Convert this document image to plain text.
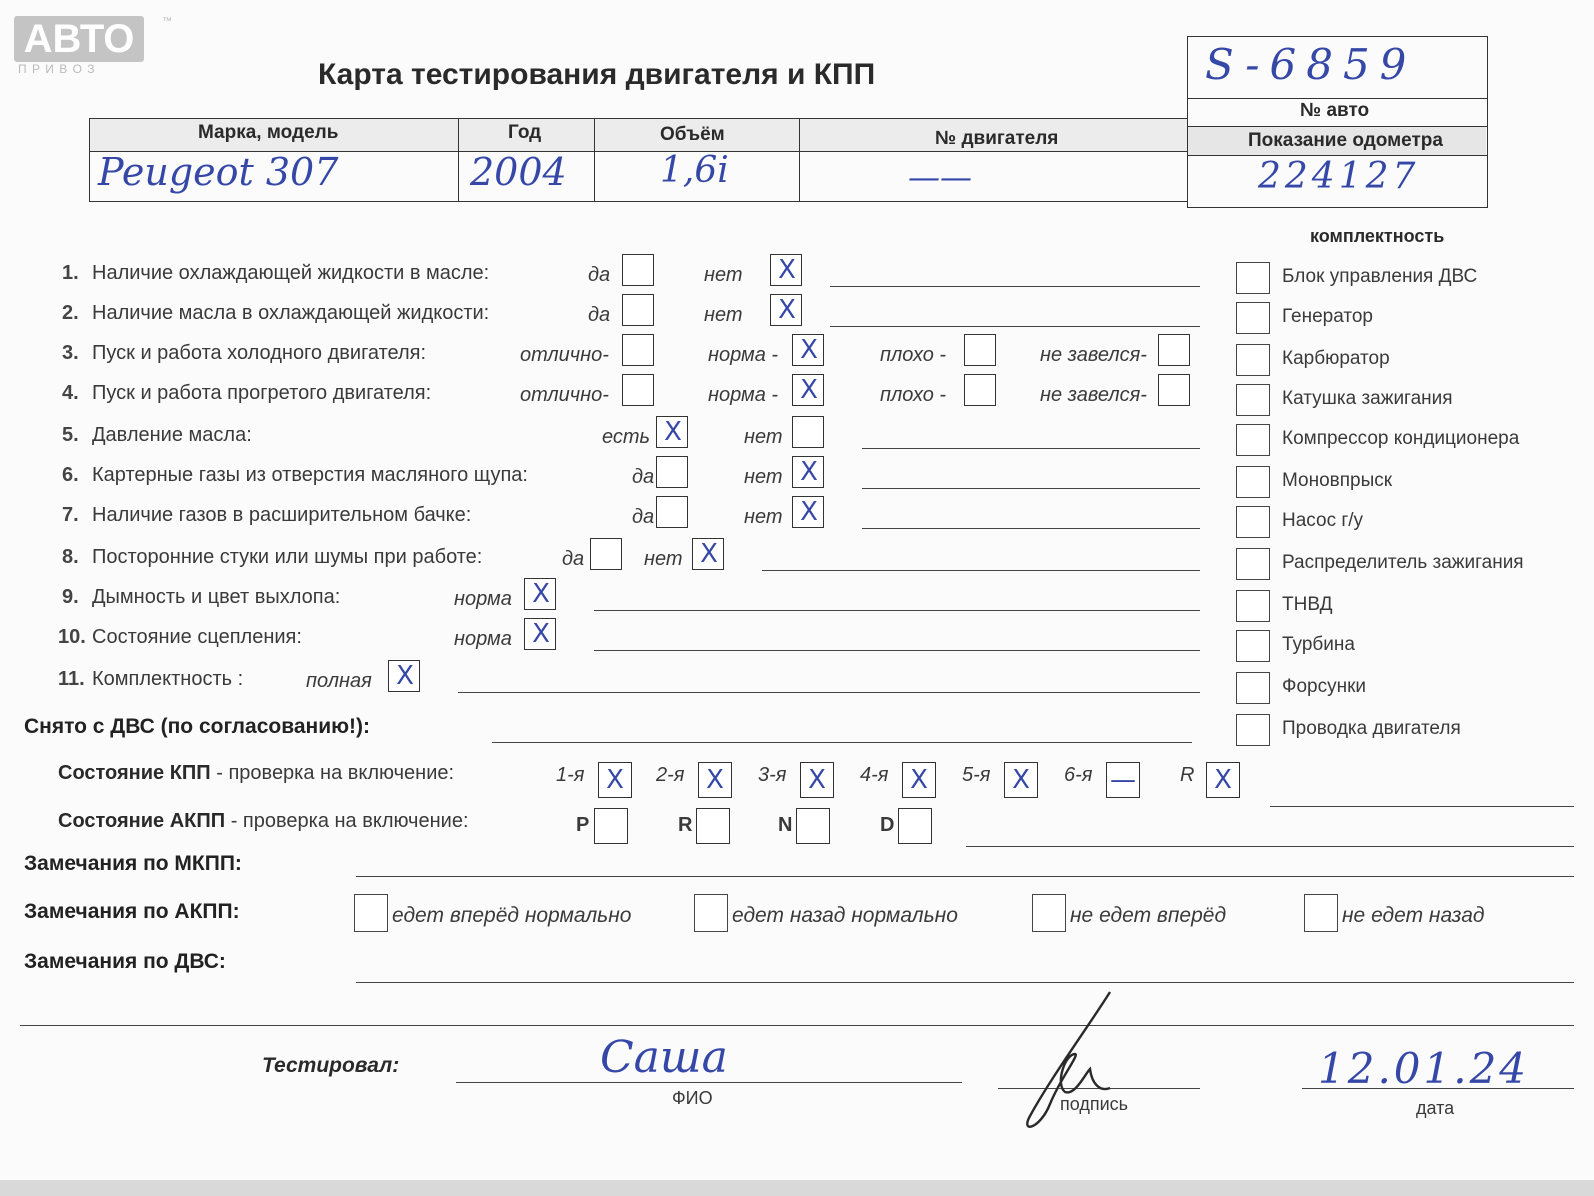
АВТО	™
П Р И В О З	Карта тестирования двигателя и КПП	S-6859
№ авто
Показание одометра
224127
Марка, модель	Год	Объём	№ двигателя
Peugeot 307	2004	1,6i	——
комплектность
Блок управления ДВС
Генератор
Карбюратор
Катушка зажигания
Компрессор кондиционера
Моновпрыск
Насос г/у
Распределитель зажигания
ТНВД
Турбина
Форсунки
Проводка двигателя
1. Наличие охлаждающей жидкости в масле:	да	нет X
2. Наличие масла в охлаждающей жидкости:	да	нет X
3. Пуск и работа холодного двигателя:	отлично-	норма - X	плохо -	не завелся-
4. Пуск и работа прогретого двигателя:	отлично-	норма - X	плохо -	не завелся-
5. Давление масла:	есть X	нет
6. Картерные газы из отверстия масляного щупа:	да	нет X
7. Наличие газов в расширительном бачке:	да	нет X
8. Посторонние стуки или шумы при работе:	да	нет X
9. Дымность и цвет выхлопа:	норма X
10. Состояние сцепления:	норма X
11. Комплектность :	полная X
Снято с ДВС (по согласованию!):
Состояние КПП - проверка на включение:	1-я X 2-я X 3-я X 4-я X 5-я X 6-я — R X
Состояние АКПП - проверка на включение:	P	R	N	D
Замечания по МКПП:
Замечания по АКПП:	едет вперёд нормально	едет назад нормально	не едет вперёд	не едет назад
Замечания по ДВС:
Тестировал:	Саша
ФИО	подпись
12.01.24
дата
